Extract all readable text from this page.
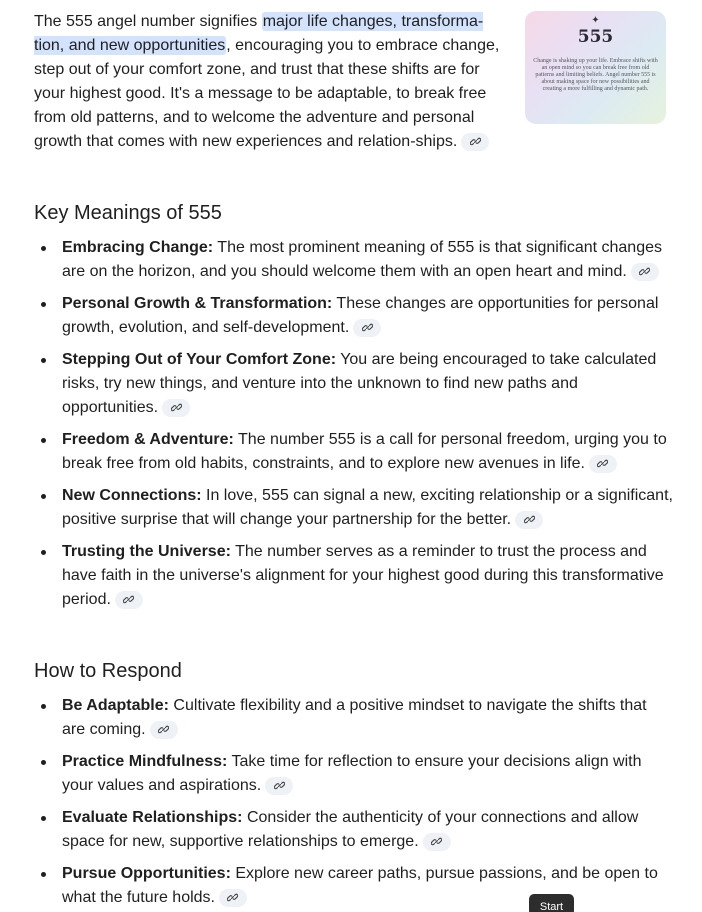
The 555 angel number signifies major life changes, transforma-tion, and new opportunities, encouraging you to embrace change, step out of your comfort zone, and trust that these shifts are for your highest good. It's a message to be adaptable, to break free from old patterns, and to welcome the adventure and personal growth that comes with new experiences and relation-ships.

✦
555
Change is shaking up your life. Embrace shifts with an open mind so you can break free from old patterns and limiting beliefs. Angel number 555 is about making space for new possibilities and creating a more fulfilling and dynamic path.
Key Meanings of 555
Embracing Change: The most prominent meaning of 555 is that significant changes are on the horizon, and you should welcome them with an open heart and mind.
Personal Growth & Transformation: These changes are opportunities for personal growth, evolution, and self-development.
Stepping Out of Your Comfort Zone: You are being encouraged to take calculated risks, try new things, and venture into the unknown to find new paths and opportunities.
Freedom & Adventure: The number 555 is a call for personal freedom, urging you to break free from old habits, constraints, and to explore new avenues in life.
New Connections: In love, 555 can signal a new, exciting relationship or a significant, positive surprise that will change your partnership for the better.
Trusting the Universe: The number serves as a reminder to trust the process and have faith in the universe's alignment for your highest good during this transformative period.
How to Respond
Be Adaptable: Cultivate flexibility and a positive mindset to navigate the shifts that are coming.
Practice Mindfulness: Take time for reflection to ensure your decisions align with your values and aspirations.
Evaluate Relationships: Consider the authenticity of your connections and allow space for new, supportive relationships to emerge.
Pursue Opportunities: Explore new career paths, pursue passions, and be open to what the future holds.
Start
